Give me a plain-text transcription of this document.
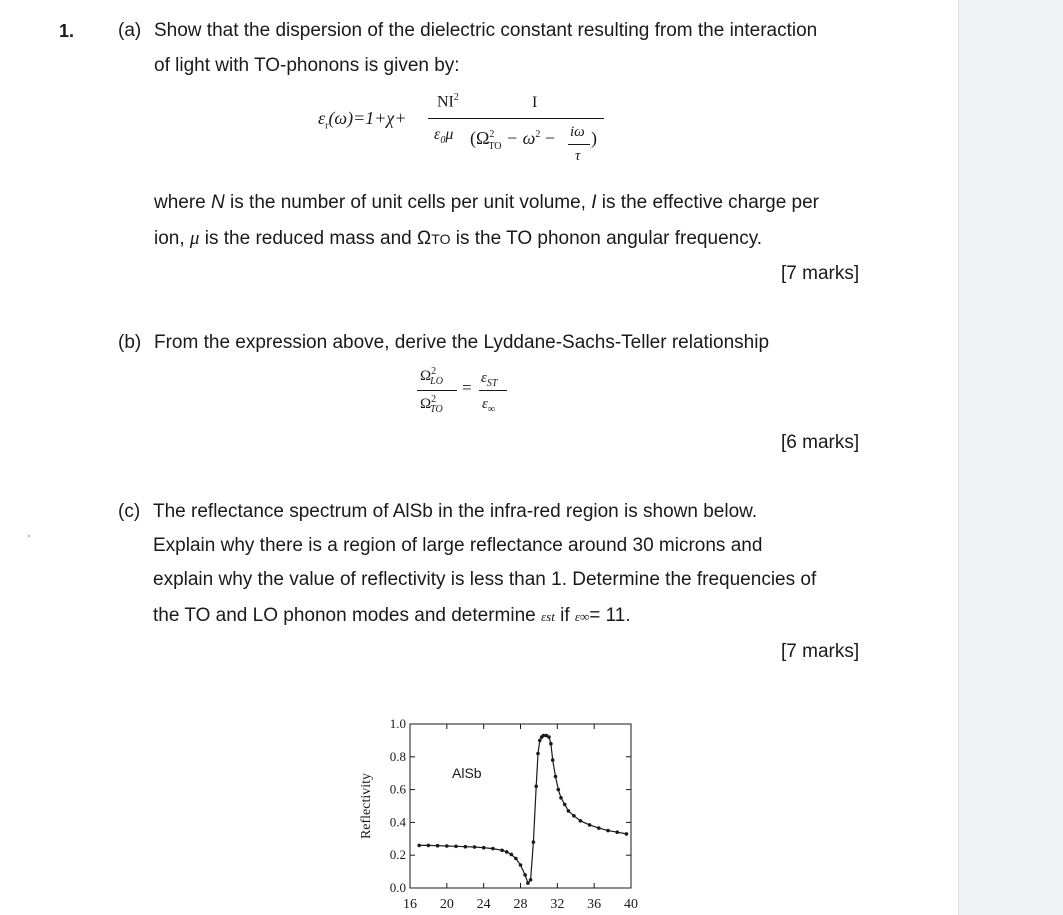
1. (a) Show that the dispersion of the dielectric constant resulting from the interaction
of light with TO-phonons is given by:
$\varepsilon_r(\omega)=1+\chi+$
$NI^2$
$\varepsilon_0\mu$
I
($\Omega^2_{TO} - \omega^2 - i\omega$
τ
)
where N is the number of unit cells per unit volume, I is the effective charge per
ion, μ is the reduced mass and ΩTO is the TO phonon angular frequency.
[7 marks]
(b) From the expression above, derive the Lyddane-Sachs-Teller relationship
$\Omega^2_{LO}$
$\Omega^2_{TO}$
= $\varepsilon_{ST}$
$\varepsilon_\infty$
[6 marks]
(c) The reflectance spectrum of AlSb in the infra-red region is shown below.
Explain why there is a region of large reflectance around 30 microns and
explain why the value of reflectivity is less than 1. Determine the frequencies of
the TO and LO phonon modes and determine εst if ε∞= 11.
[7 marks]
0.0
0.2
0.4
0.6
0.8
1.0
16 20 24 28 32 36 40
Reflectivity	AlSb
